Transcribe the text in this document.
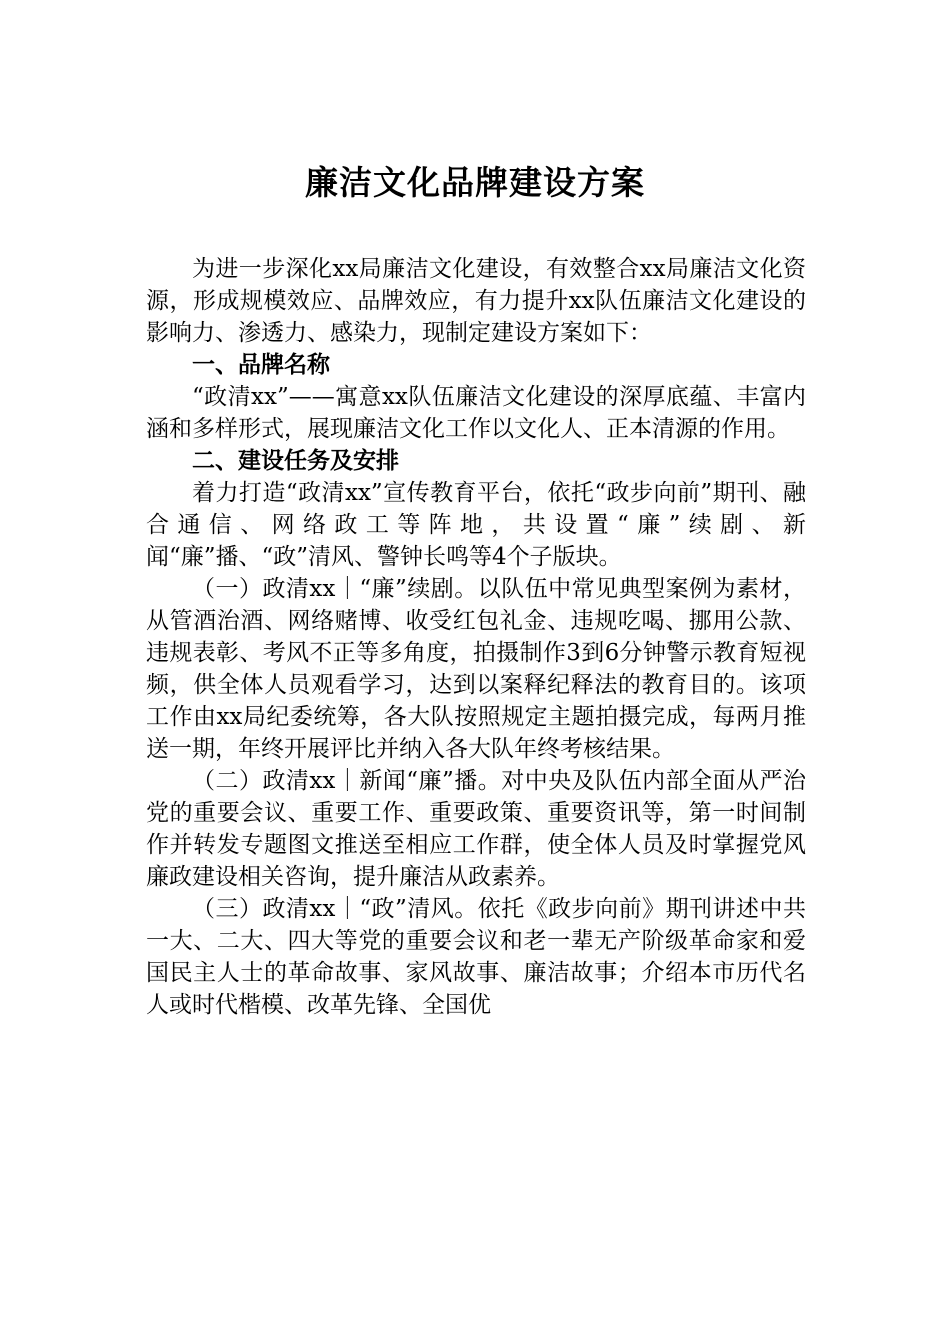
廉洁文化品牌建设方案

为进一步深化xx局廉洁文化建设，有效整合xx局廉洁文化资源，形成规模效应、品牌效应，有力提升xx队伍廉洁文化建设的影响力、渗透力、感染力，现制定建设方案如下：

一、品牌名称

“政清xx”——寓意xx队伍廉洁文化建设的深厚底蕴、丰富内涵和多样形式，展现廉洁文化工作以文化人、正本清源的作用。

二、建设任务及安排

着力打造“政清xx”宣传教育平台，依托“政步向前”期刊、融合通信、网络政工等阵地，共设置“廉”续剧、新闻“廉”播、“政”清风、警钟长鸣等4个子版块。

（一）政清xx｜“廉”续剧。以队伍中常见典型案例为素材，从管酒治酒、网络赌博、收受红包礼金、违规吃喝、挪用公款、违规表彰、考风不正等多角度，拍摄制作3到6分钟警示教育短视频，供全体人员观看学习，达到以案释纪释法的教育目的。该项工作由xx局纪委统筹，各大队按照规定主题拍摄完成，每两月推送一期，年终开展评比并纳入各大队年终考核结果。

（二）政清xx｜新闻“廉”播。对中央及队伍内部全面从严治党的重要会议、重要工作、重要政策、重要资讯等，第一时间制作并转发专题图文推送至相应工作群，使全体人员及时掌握党风廉政建设相关咨询，提升廉洁从政素养。

（三）政清xx｜“政”清风。依托《政步向前》期刊讲述中共一大、二大、四大等党的重要会议和老一辈无产阶级革命家和爱国民主人士的革命故事、家风故事、廉洁故事；介绍本市历代名人或时代楷模、改革先锋、全国优
